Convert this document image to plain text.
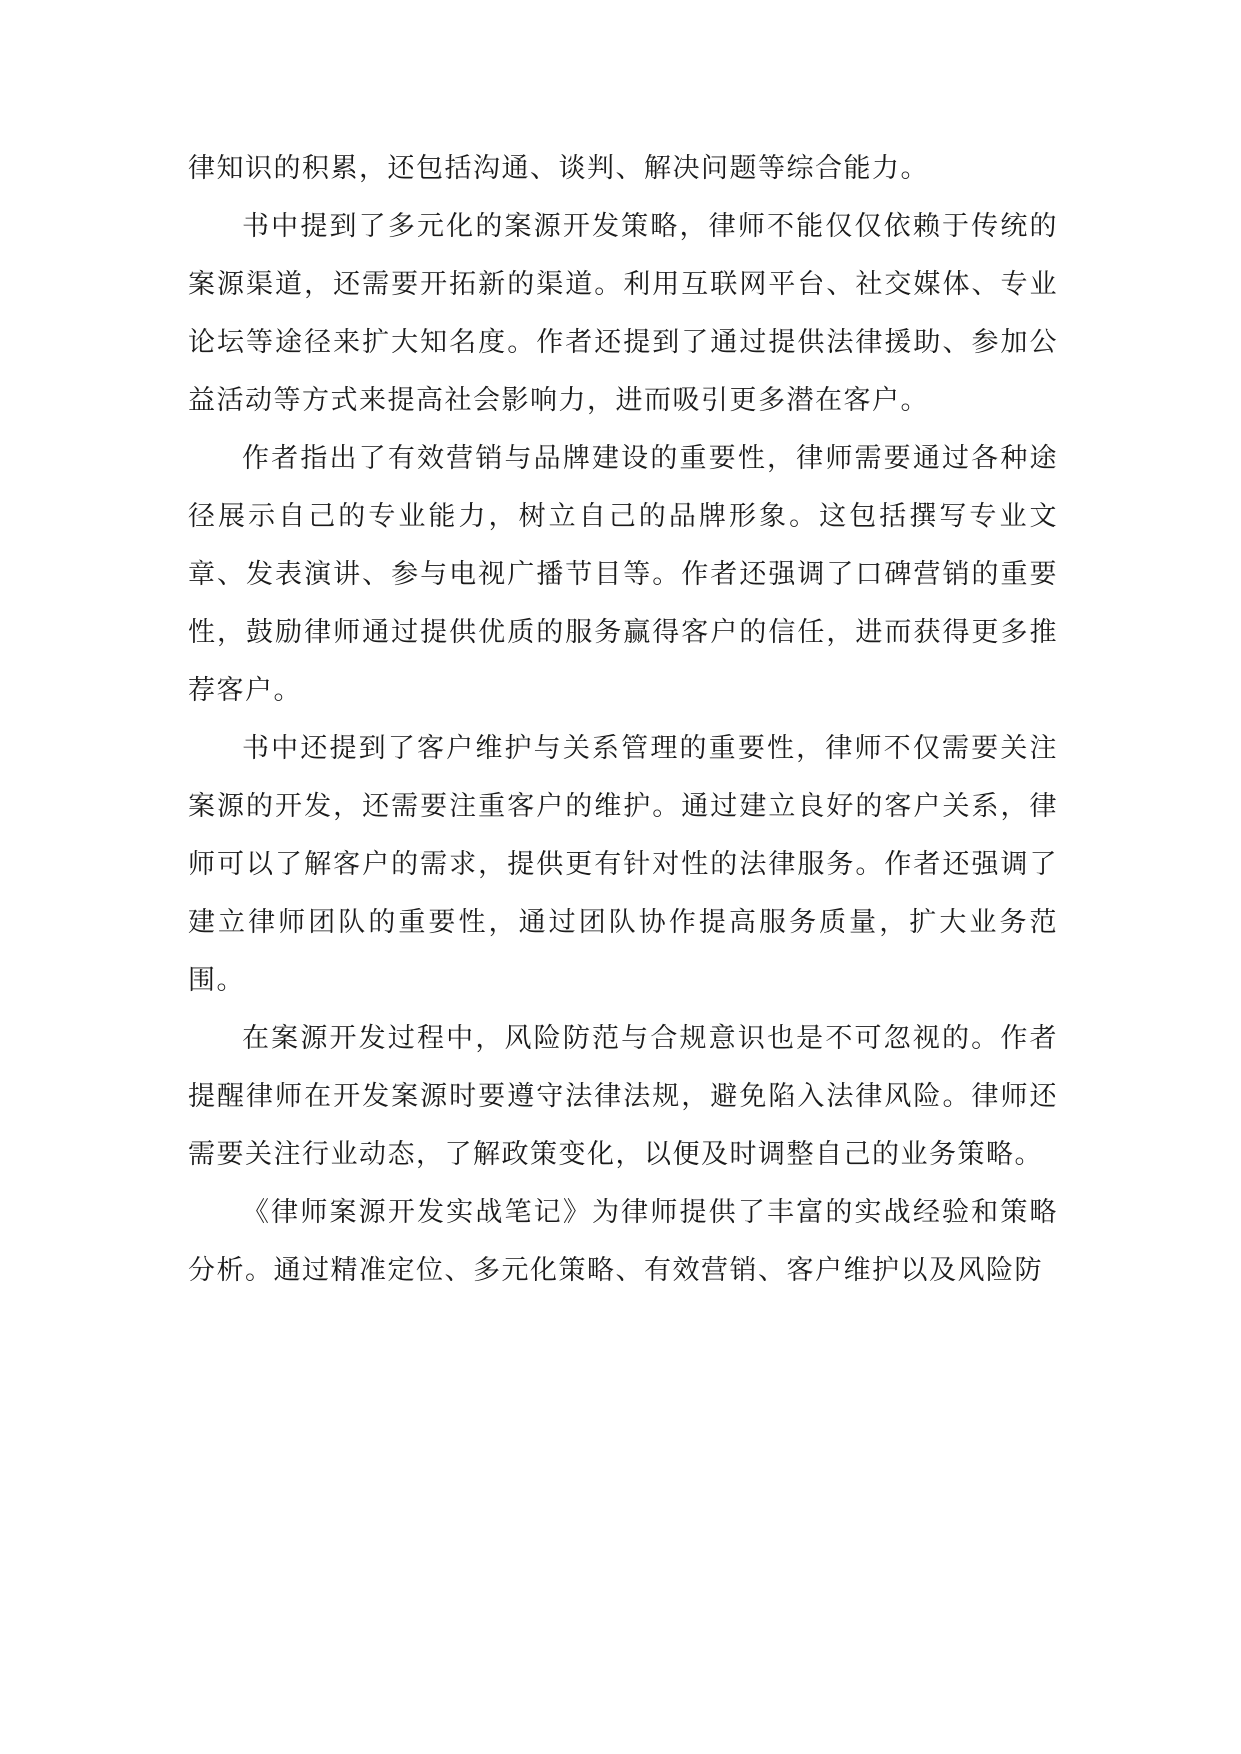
律知识的积累，还包括沟通、谈判、解决问题等综合能力。

书中提到了多元化的案源开发策略，律师不能仅仅依赖于传统的案源渠道，还需要开拓新的渠道。利用互联网平台、社交媒体、专业论坛等途径来扩大知名度。作者还提到了通过提供法律援助、参加公益活动等方式来提高社会影响力，进而吸引更多潜在客户。

作者指出了有效营销与品牌建设的重要性，律师需要通过各种途径展示自己的专业能力，树立自己的品牌形象。这包括撰写专业文章、发表演讲、参与电视广播节目等。作者还强调了口碑营销的重要性，鼓励律师通过提供优质的服务赢得客户的信任，进而获得更多推荐客户。

书中还提到了客户维护与关系管理的重要性，律师不仅需要关注案源的开发，还需要注重客户的维护。通过建立良好的客户关系，律师可以了解客户的需求，提供更有针对性的法律服务。作者还强调了建立律师团队的重要性，通过团队协作提高服务质量，扩大业务范围。

在案源开发过程中，风险防范与合规意识也是不可忽视的。作者提醒律师在开发案源时要遵守法律法规，避免陷入法律风险。律师还需要关注行业动态，了解政策变化，以便及时调整自己的业务策略。

《律师案源开发实战笔记》为律师提供了丰富的实战经验和策略分析。通过精准定位、多元化策略、有效营销、客户维护以及风险防
